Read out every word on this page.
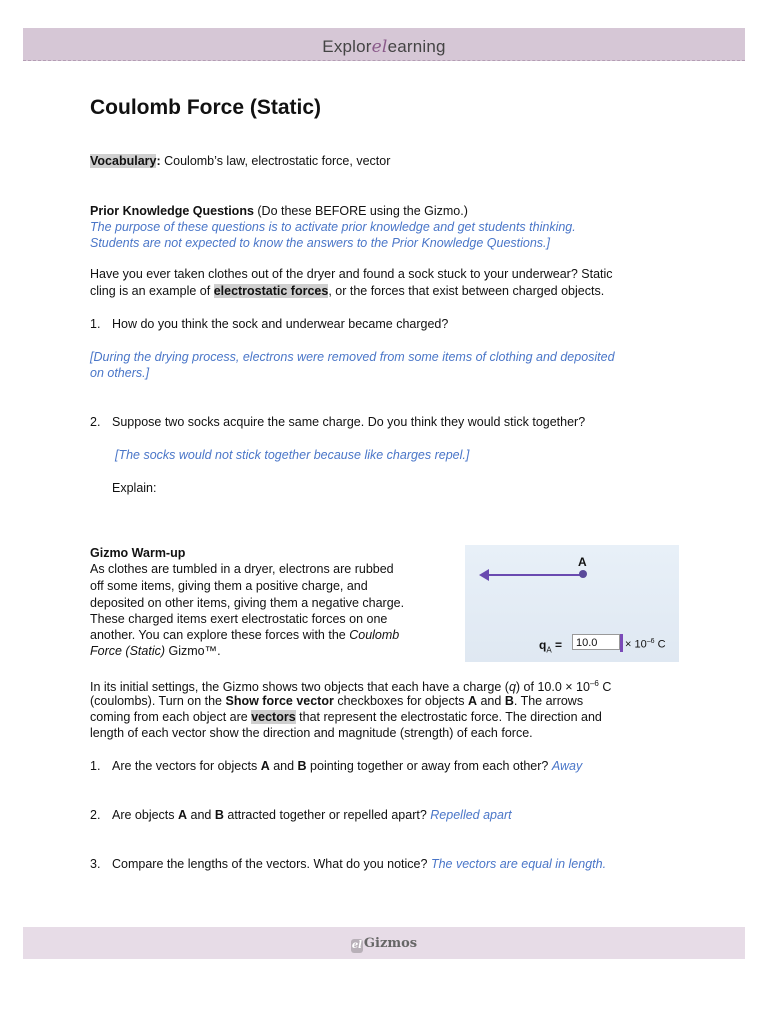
Explorelearning
Coulomb Force (Static)
Vocabulary: Coulomb’s law, electrostatic force, vector
Prior Knowledge Questions (Do these BEFORE using the Gizmo.)
The purpose of these questions is to activate prior knowledge and get students thinking.
Students are not expected to know the answers to the Prior Knowledge Questions.]
Have you ever taken clothes out of the dryer and found a sock stuck to your underwear? Static
cling is an example of electrostatic forces, or the forces that exist between charged objects.
1. How do you think the sock and underwear became charged?
[During the drying process, electrons were removed from some items of clothing and deposited
on others.]
2. Suppose two socks acquire the same charge. Do you think they would stick together?
[The socks would not stick together because like charges repel.]
Explain:
Gizmo Warm-up
As clothes are tumbled in a dryer, electrons are rubbed
off some items, giving them a positive charge, and
deposited on other items, giving them a negative charge.
These charged items exert electrostatic forces on one
another. You can explore these forces with the Coulomb
Force (Static) Gizmo™.
A
$q_A$ =	10.0	× $10^{-6}$ C
In its initial settings, the Gizmo shows two objects that each have a charge (q) of $10.0 \times 10^{-6}$ C
(coulombs). Turn on the Show force vector checkboxes for objects A and B. The arrows
coming from each object are vectors that represent the electrostatic force. The direction and
length of each vector show the direction and magnitude (strength) of each force.
1. Are the vectors for objects A and B pointing together or away from each other? Away
2. Are objects A and B attracted together or repelled apart? Repelled apart
3. Compare the lengths of the vectors. What do you notice? The vectors are equal in length.
el Gizmos
